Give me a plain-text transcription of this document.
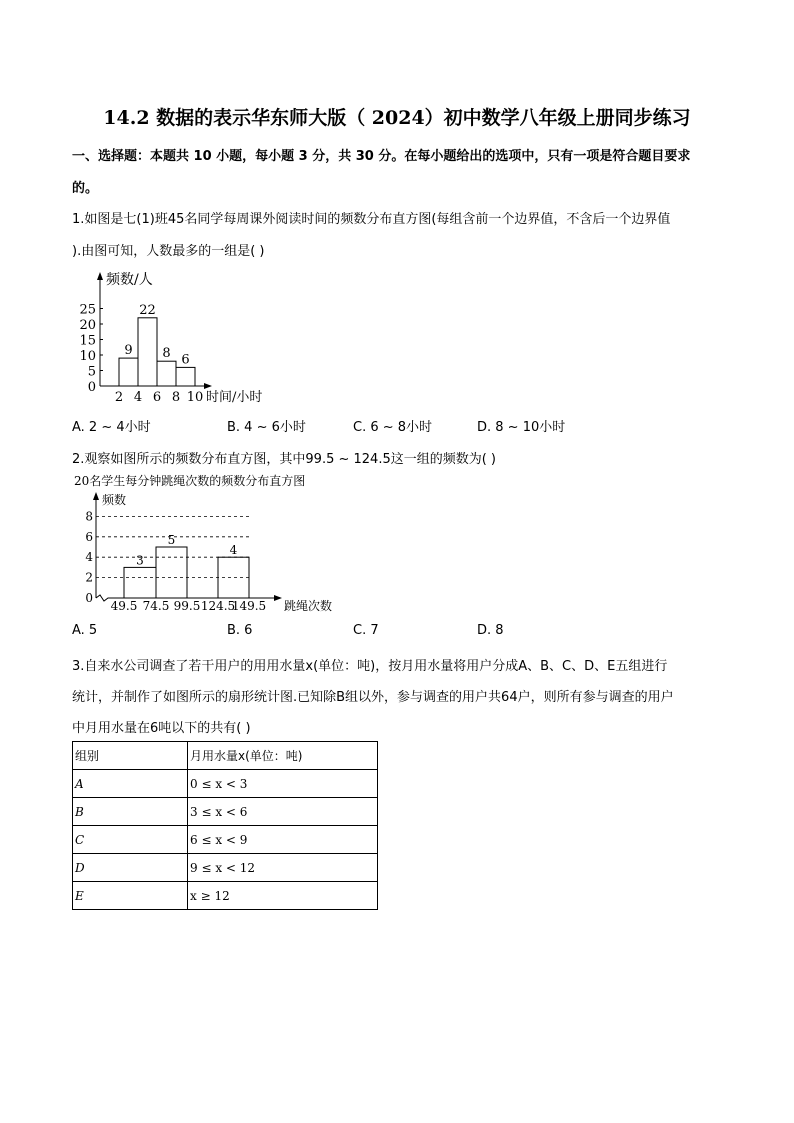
14.2 数据的表示华东师大版（ 2024）初中数学八年级上册同步练习
一、选择题：本题共 10 小题，每小题 3 分，共 30 分。在每小题给出的选项中，只有一项是符合题目要求
的。
1.如图是七(1)班45名同学每周课外阅读时间的频数分布直方图(每组含前一个边界值，不含后一个边界值
).由图可知，人数最多的一组是( )
频数/人
0
5
10
15
20
25
2 4 6 8 10 时间/小时
9
22
8 6
A. 2 ~ 4小时	B. 4 ~ 6小时	C. 6 ~ 8小时	D. 8 ~ 10小时
2.观察如图所示的频数分布直方图，其中99.5 ~ 124.5这一组的频数为( )
20名学生每分钟跳绳次数的频数分布直方图
频数
0
2
4
6
8
49.5 74.5 99.5 124.5
149.5 跳绳次数
3
5
4
A. 5	B. 6	C. 7	D. 8
3.自来水公司调查了若干用户的用用水量x(单位：吨)，按月用水量将用户分成A、B、C、D、E五组进行
统计，并制作了如图所示的扇形统计图.已知除B组以外，参与调查的用户共64户，则所有参与调查的用户
中月用水量在6吨以下的共有( )
组别	月用水量x(单位：吨)
A	0 ≤ x < 3
B	3 ≤ x < 6
C	6 ≤ x < 9
D	9 ≤ x < 12
E	x ≥ 12
